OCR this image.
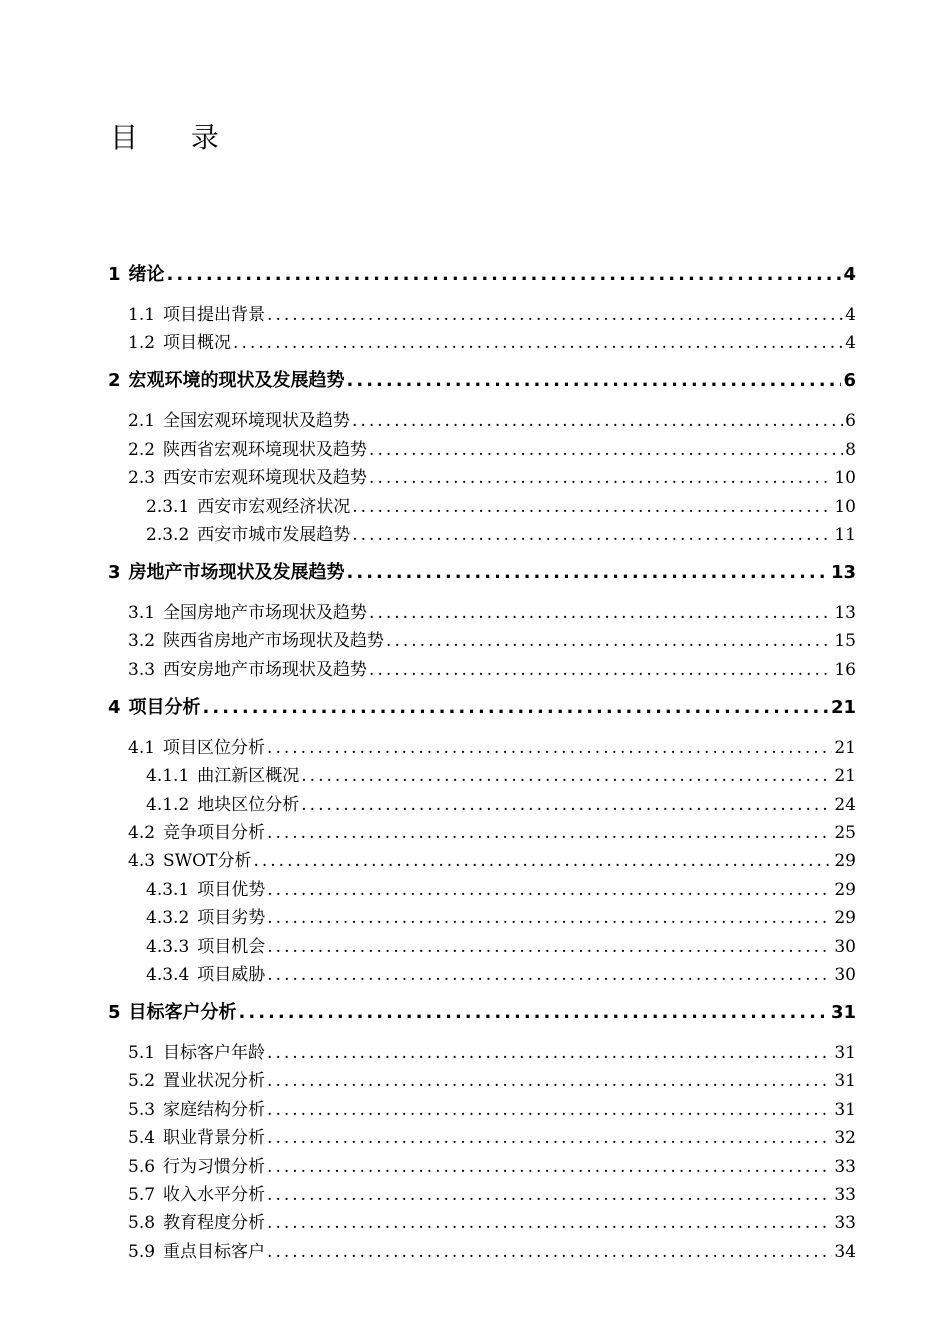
目 录
1 绪论 .....	4
1.1 项目提出背景 .....	4
1.2 项目概况 .....	4
2 宏观环境的现状及发展趋势 .....	6
2.1 全国宏观环境现状及趋势 .....	6
2.2 陕西省宏观环境现状及趋势 .....	8
2.3 西安市宏观环境现状及趋势 .....	10
2.3.1 西安市宏观经济状况 .....	10
2.3.2 西安市城市发展趋势 .....	11
3 房地产市场现状及发展趋势 .....	13
3.1 全国房地产市场现状及趋势 .....	13
3.2 陕西省房地产市场现状及趋势 .....	15
3.3 西安房地产市场现状及趋势 .....	16
4 项目分析 .....	21
4.1 项目区位分析 .....	21
4.1.1 曲江新区概况 .....	21
4.1.2 地块区位分析 .....	24
4.2 竞争项目分析 .....	25
4.3 SWOT分析 .....	29
4.3.1 项目优势 .....	29
4.3.2 项目劣势 .....	29
4.3.3 项目机会 .....	30
4.3.4 项目威胁 .....	30
5 目标客户分析 .....	31
5.1 目标客户年龄 .....	31
5.2 置业状况分析 .....	31
5.3 家庭结构分析 .....	31
5.4 职业背景分析 .....	32
5.6 行为习惯分析 .....	33
5.7 收入水平分析 .....	33
5.8 教育程度分析 .....	33
5.9 重点目标客户 .....	34
